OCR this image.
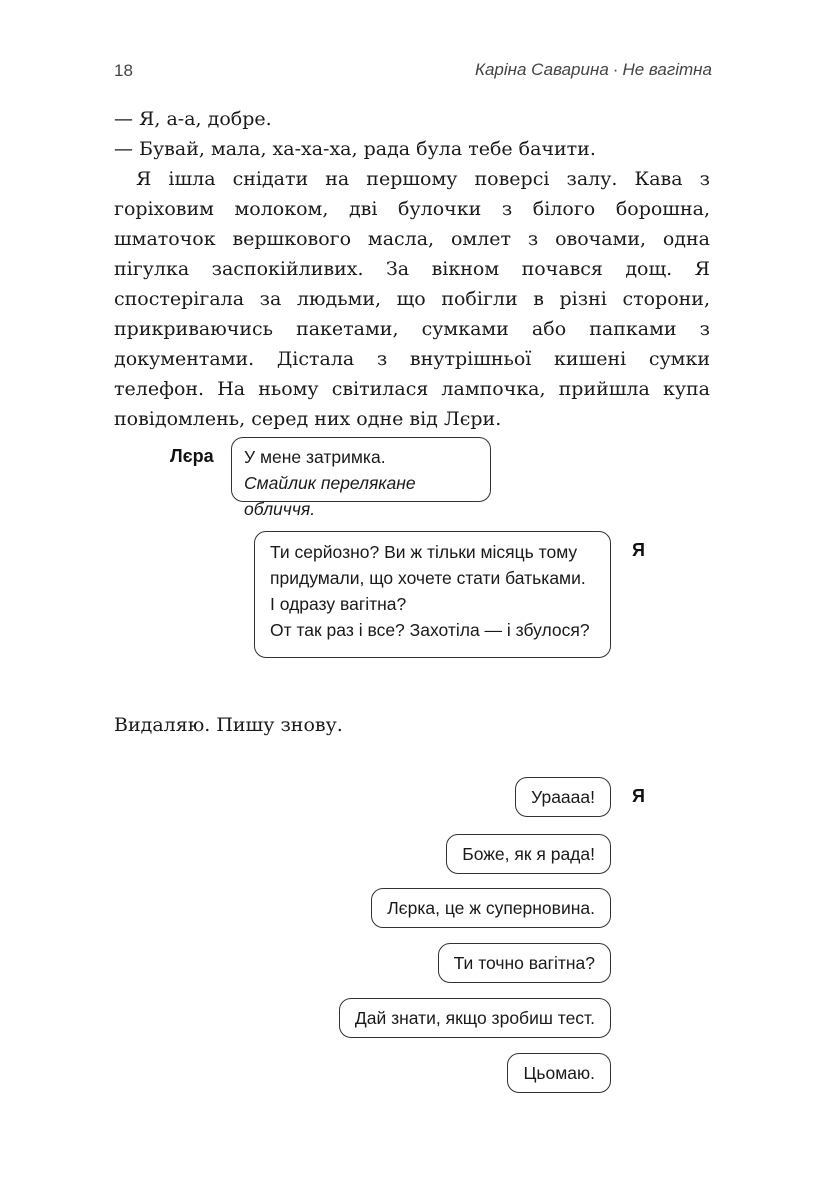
18	Каріна Саварина · Не вагітна

— Я, а-а, добре.

— Бувай, мала, ха-ха-ха, рада була тебе бачити.

Я ішла снідати на першому поверсі залу. Кава з горіховим молоком, дві булочки з білого борошна, шматочок вершкового масла, омлет з овочами, одна пігулка заспокійливих. За вікном почався дощ. Я спостерігала за людьми, що побігли в різні сторони, прикриваючись пакетами, сумками або папками з документами. Дістала з внутрішньої кишені сумки телефон. На ньому світилася лампочка, прийшла купа повідомлень, серед них одне від Лєри.

Лєра У мене затримка.
Смайлик перелякане обличчя.
Ти серйозно? Ви ж тільки місяць тому
придумали, що хочете стати батьками.
І одразу вагітна?
От так раз і все? Захотіла — і збулося?
Я
Видаляю. Пишу знову.
Я
Ураааа!
Боже, як я рада!
Лєрка, це ж суперновина.
Ти точно вагітна?
Дай знати, якщо зробиш тест.
Цьомаю.
